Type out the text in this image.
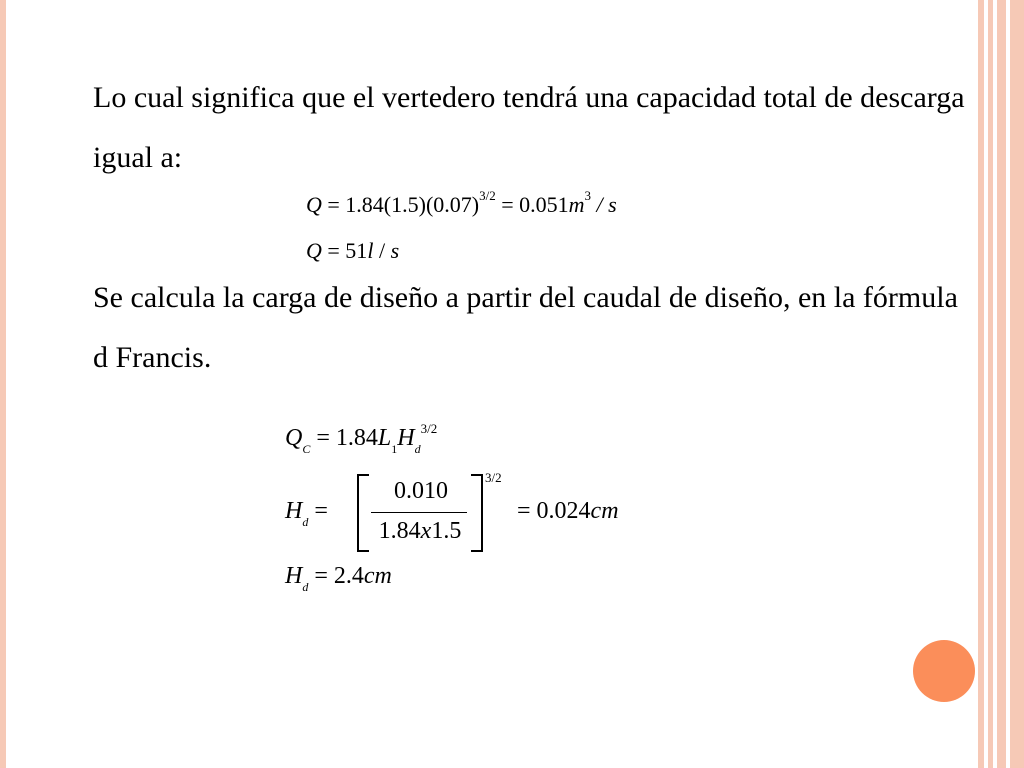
Lo cual significa que el vertedero tendrá una capacidad total de descarga igual a:

$Q = 1.84(1.5)(0.07)^{3/2} = 0.051m^3 / s$
Q = 51l / s

Se calcula la carga de diseño a partir del caudal de diseño, en la fórmula d Francis.

$Q_C = 1.84L_1H_d^{3/2}$
$H_d$ =
0.010
1.84x1.5
3/2
= 0.024cm
$H_d = 2.4cm$
